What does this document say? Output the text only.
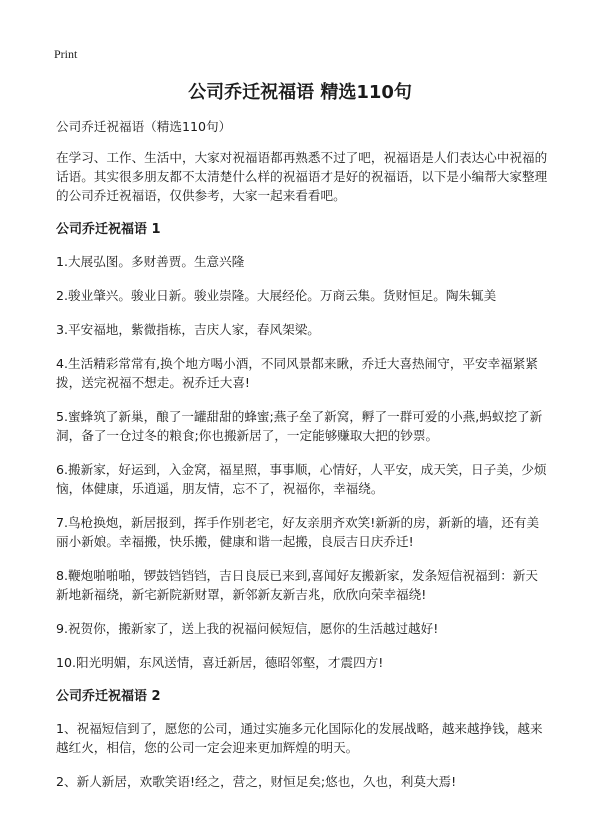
Print
公司乔迁祝福语 精选110句

公司乔迁祝福语（精选110句）

在学习、工作、生活中，大家对祝福语都再熟悉不过了吧，祝福语是人们表达心中祝福的话语。其实很多朋友都不太清楚什么样的祝福语才是好的祝福语，以下是小编帮大家整理的公司乔迁祝福语，仅供参考，大家一起来看看吧。

公司乔迁祝福语 1

1.大展弘图。多财善贾。生意兴隆

2.骏业肇兴。骏业日新。骏业崇隆。大展经伦。万商云集。货财恒足。陶朱辄美

3.平安福地，紫微指栋，吉庆人家，春风架梁。

4.生活精彩常常有,换个地方喝小酒，不同风景都来瞅，乔迁大喜热闹守，平安幸福紧紧拨，送完祝福不想走。祝乔迁大喜!

5.蜜蜂筑了新巢，酿了一罐甜甜的蜂蜜;燕子垒了新窝，孵了一群可爱的小燕,蚂蚁挖了新洞，备了一仓过冬的粮食;你也搬新居了，一定能够赚取大把的钞票。

6.搬新家，好运到，入金窝，福星照，事事顺，心情好，人平安，成天笑，日子美，少烦恼，体健康，乐逍遥，朋友情，忘不了，祝福你，幸福绕。

7.鸟枪换炮，新居报到，挥手作别老宅，好友亲朋齐欢笑!新新的房，新新的墙，还有美丽小新娘。幸福搬，快乐搬，健康和谐一起搬，良辰吉日庆乔迁!

8.鞭炮啪啪啪，锣鼓铛铛铛，吉日良辰已来到,喜闻好友搬新家，发条短信祝福到：新天新地新福绕，新宅新院新财罩，新邻新友新吉兆，欣欣向荣幸福绕!

9.祝贺你，搬新家了，送上我的祝福问候短信，愿你的生活越过越好!

10.阳光明媚，东风送情，喜迁新居，德昭邻壑，才震四方!

公司乔迁祝福语 2

1、祝福短信到了，愿您的公司，通过实施多元化国际化的发展战略，越来越挣钱，越来越红火，相信，您的公司一定会迎来更加辉煌的明天。

2、新人新居，欢歌笑语!经之，营之，财恒足矣;悠也，久也，利莫大焉!
